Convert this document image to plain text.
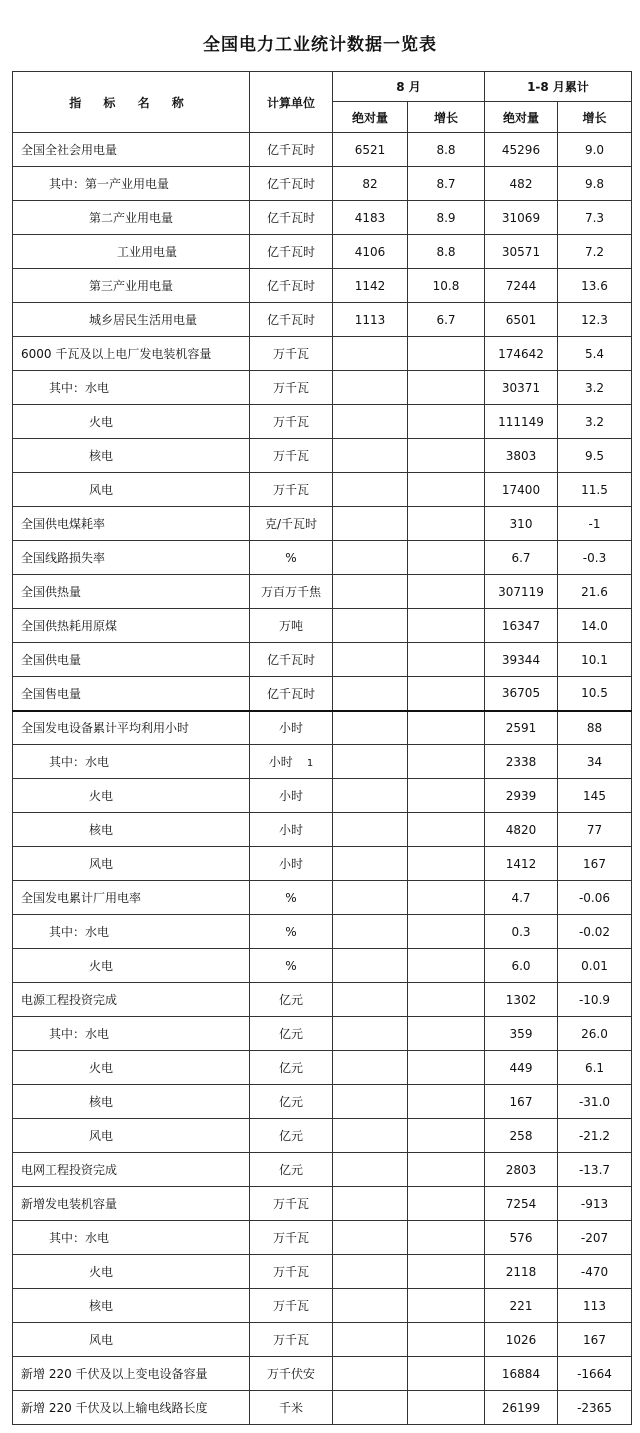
全国电力工业统计数据一览表
指 标 名 称	计算单位	8 月		1-8 月累计	
		绝对量	增长	绝对量	增长
全国全社会用电量	亿千瓦时	6521	8.8	45296	9.0
其中：第一产业用电量	亿千瓦时	82	8.7	482	9.8
第二产业用电量	亿千瓦时	4183	8.9	31069	7.3
工业用电量	亿千瓦时	4106	8.8	30571	7.2
第三产业用电量	亿千瓦时	1142	10.8	7244	13.6
城乡居民生活用电量	亿千瓦时	1113	6.7	6501	12.3
6000 千瓦及以上电厂发电装机容量	万千瓦			174642	5.4
其中：水电	万千瓦			30371	3.2
火电	万千瓦			111149	3.2
核电	万千瓦			3803	9.5
风电	万千瓦			17400	11.5
全国供电煤耗率	克/千瓦时			310	-1
全国线路损失率	%			6.7	-0.3
全国供热量	万百万千焦			307119	21.6
全国供热耗用原煤	万吨			16347	14.0
全国供电量	亿千瓦时			39344	10.1
全国售电量	亿千瓦时			36705	10.5
全国发电设备累计平均利用小时	小时			2591	88
其中：水电	小时 1			2338	34
火电	小时			2939	145
核电	小时			4820	77
风电	小时			1412	167
全国发电累计厂用电率	%			4.7	-0.06
其中：水电	%			0.3	-0.02
火电	%			6.0	0.01
电源工程投资完成	亿元			1302	-10.9
其中：水电	亿元			359	26.0
火电	亿元			449	6.1
核电	亿元			167	-31.0
风电	亿元			258	-21.2
电网工程投资完成	亿元			2803	-13.7
新增发电装机容量	万千瓦			7254	-913
其中：水电	万千瓦			576	-207
火电	万千瓦			2118	-470
核电	万千瓦			221	113
风电	万千瓦			1026	167
新增 220 千伏及以上变电设备容量	万千伏安			16884	-1664
新增 220 千伏及以上输电线路长度	千米			26199	-2365
